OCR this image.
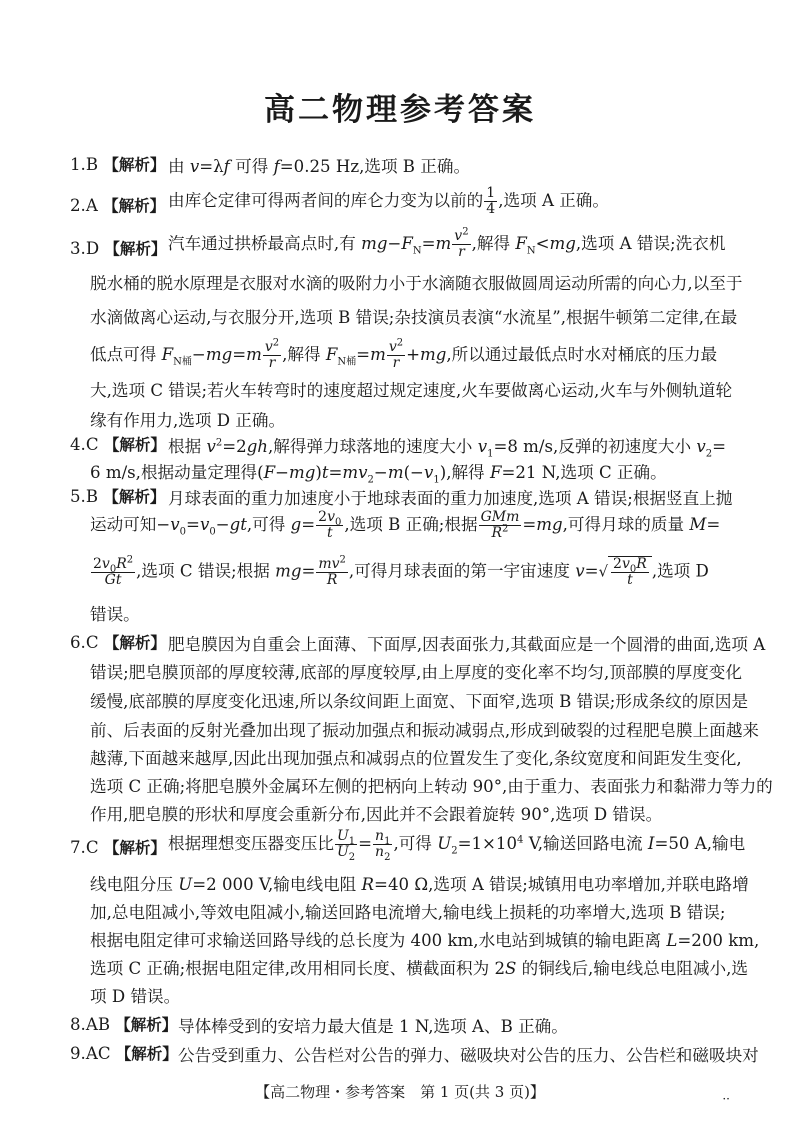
高二物理参考答案
1.B 【解析】 由 v=λf 可得 f=0.25 Hz,选项 B 正确。
2.A 【解析】 由库仑定律可得两者间的库仑力变为以前的 $\frac{1}{4}$ ,选项 A 正确。
3.D 【解析】 汽车通过拱桥最高点时,有 $mg-F_N=m \frac{v^2}{r}$ ,解得 $F_N<mg$,选项 A 错误;洗衣机
脱水桶的脱水原理是衣服对水滴的吸附力小于水滴随衣服做圆周运动所需的向心力,以至于
水滴做离心运动,与衣服分开,选项 B 错误;杂技演员表演“水流星”,根据牛顿第二定律,在最
低点可得 $F_{N桶}-mg=m \frac{v^2}{r}$ ,解得 $F_{N桶}=m \frac{v^2}{r} +mg$,所以通过最低点时水对桶底的压力最
大,选项 C 错误;若火车转弯时的速度超过规定速度,火车要做离心运动,火车与外侧轨道轮
缘有作用力,选项 D 正确。
4.C 【解析】 根据 $v^2=2gh$,解得弹力球落地的速度大小 $v_1=8$ m/s,反弹的初速度大小 $v_2=$
6 m/s,根据动量定理得$(F-mg)t=mv_2-m(-v_1)$,解得 F=21 N,选项 C 正确。
5.B 【解析】 月球表面的重力加速度小于地球表面的重力加速度,选项 A 错误;根据竖直上抛
运动可知$-v_0=v_0-gt$,可得 $g= \frac{2v_0}{t}$ ,选项 B 正确;根据 $\frac{\text{GMm}}{R^2} =mg$,可得月球的质量 M=
$\frac{2v_0R^2}{Gt}$ ,选项 C 错误;根据 $mg= \frac{mv^2}{R}$ ,可得月球表面的第一宇宙速度 $v=√ \frac{2v_0R}{t}$ ,选项 D
错误。
6.C 【解析】 肥皂膜因为自重会上面薄、下面厚,因表面张力,其截面应是一个圆滑的曲面,选项 A
错误;肥皂膜顶部的厚度较薄,底部的厚度较厚,由上厚度的变化率不均匀,顶部膜的厚度变化
缓慢,底部膜的厚度变化迅速,所以条纹间距上面宽、下面窄,选项 B 错误;形成条纹的原因是
前、后表面的反射光叠加出现了振动加强点和振动减弱点,形成到破裂的过程肥皂膜上面越来
越薄,下面越来越厚,因此出现加强点和减弱点的位置发生了变化,条纹宽度和间距发生变化,
选项 C 正确;将肥皂膜外金属环左侧的把柄向上转动 90°,由于重力、表面张力和黏滞力等力的
作用,肥皂膜的形状和厚度会重新分布,因此并不会跟着旋转 90°,选项 D 错误。
7.C 【解析】 根据理想变压器变压比 $\frac{U_1}{U_2} = \frac{n_1}{n_2}$ ,可得 $U_2=1\times 10^4$ V,输送回路电流 I=50 A,输电
线电阻分压 U=2 000 V,输电线电阻 R=40 Ω,选项 A 错误;城镇用电功率增加,并联电路增
加,总电阻减小,等效电阻减小,输送回路电流增大,输电线上损耗的功率增大,选项 B 错误;
根据电阻定律可求输送回路导线的总长度为 400 km,水电站到城镇的输电距离 L=200 km,
选项 C 正确;根据电阻定律,改用相同长度、横截面积为 2S 的铜线后,输电线总电阻减小,选
项 D 错误。
8.AB 【解析】 导体棒受到的安培力最大值是 1 N,选项 A、B 正确。
9.AC 【解析】 公告受到重力、公告栏对公告的弹力、磁吸块对公告的压力、公告栏和磁吸块对
【高二物理・参考答案　第 1 页(共 3 页)】	··
